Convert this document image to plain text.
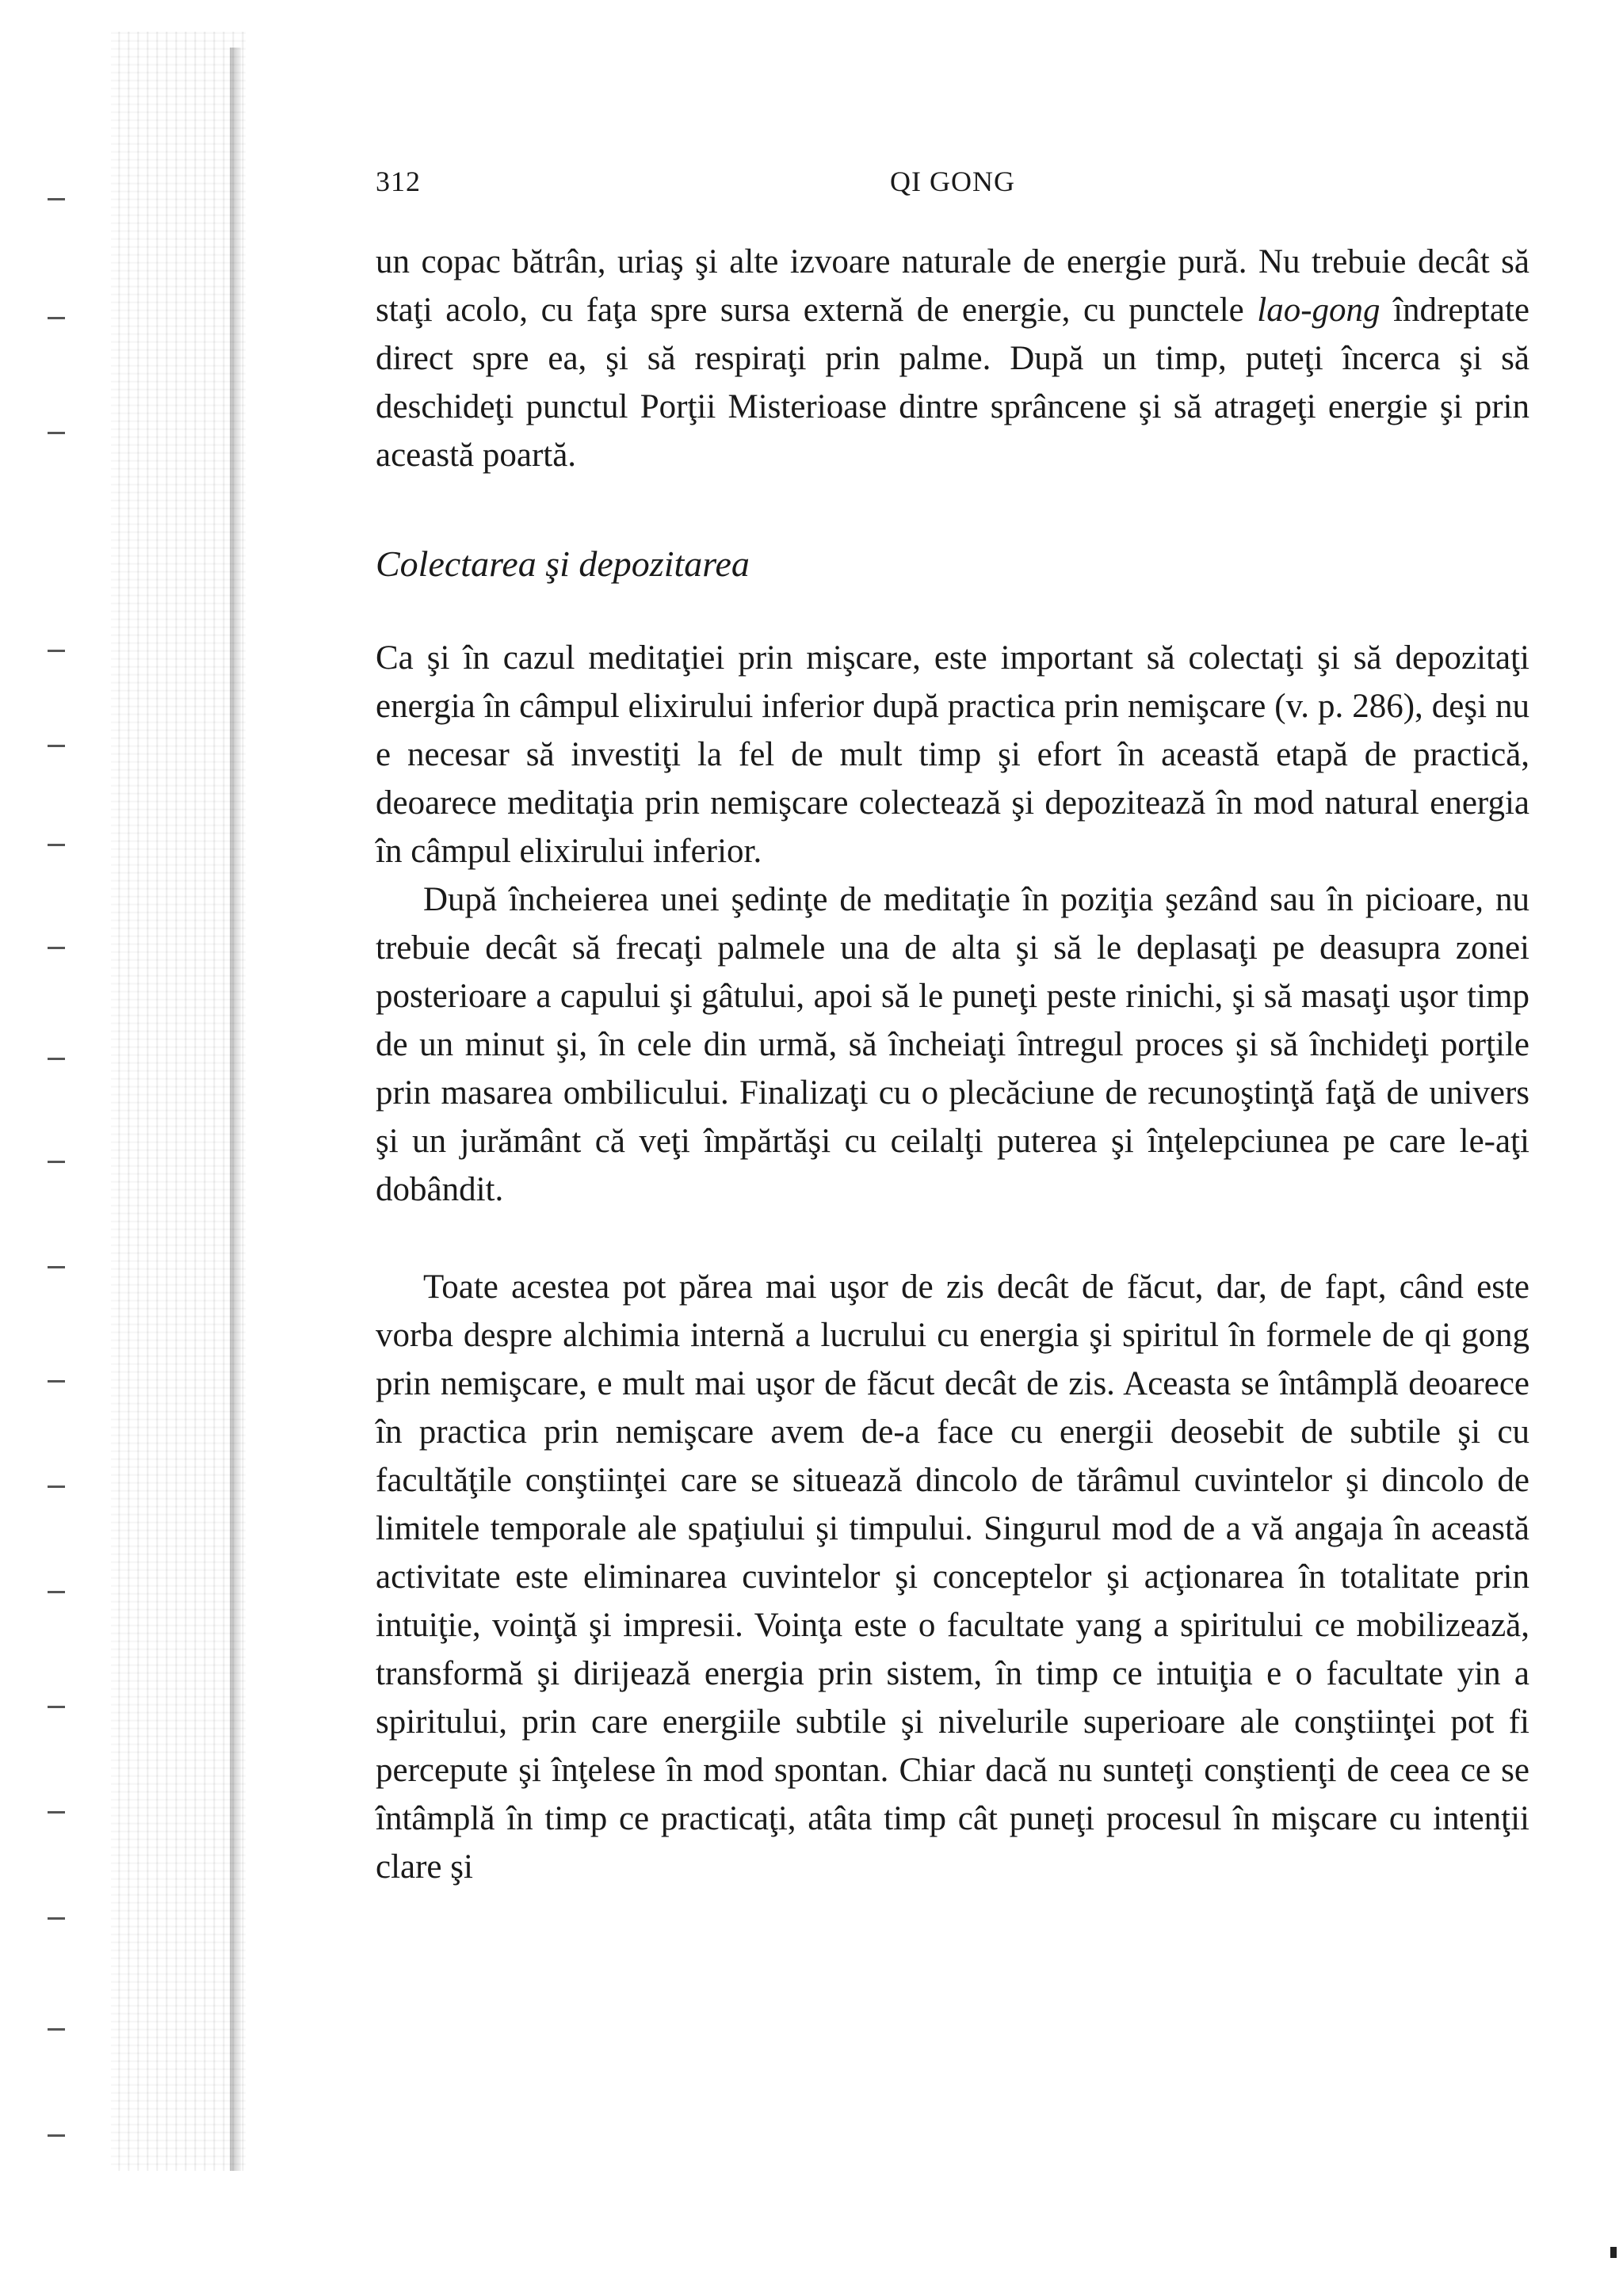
312	QI GONG

un copac bătrân, uriaş şi alte izvoare naturale de energie pură. Nu trebuie decât să staţi acolo, cu faţa spre sursa externă de energie, cu punctele lao-gong îndreptate direct spre ea, şi să respiraţi prin palme. După un timp, puteţi încerca şi să deschideţi punctul Porţii Misterioase dintre sprâncene şi să atrageţi energie şi prin această poartă.

Colectarea şi depozitarea

Ca şi în cazul meditaţiei prin mişcare, este important să colectaţi şi să depozitaţi energia în câmpul elixirului inferior după practica prin nemişcare (v. p. 286), deşi nu e necesar să investiţi la fel de mult timp şi efort în această etapă de practică, deoarece meditaţia prin nemişcare colectează şi depozitează în mod natural energia în câmpul elixirului inferior.

După încheierea unei şedinţe de meditaţie în poziţia şezând sau în picioare, nu trebuie decât să frecaţi palmele una de alta şi să le deplasaţi pe deasupra zonei posterioare a capului şi gâtului, apoi să le puneţi peste rinichi, şi să masaţi uşor timp de un minut şi, în cele din urmă, să încheiaţi întregul proces şi să închideţi porţile prin masarea ombilicului. Finalizaţi cu o plecăciune de recunoştinţă faţă de univers şi un jurământ că veţi împărtăşi cu ceilalţi puterea şi înţelepciunea pe care le-aţi dobândit.

Toate acestea pot părea mai uşor de zis decât de făcut, dar, de fapt, când este vorba despre alchimia internă a lucrului cu energia şi spiritul în formele de qi gong prin nemişcare, e mult mai uşor de făcut decât de zis. Aceasta se întâmplă deoarece în practica prin nemişcare avem de-a face cu energii deosebit de subtile şi cu facultăţile conştiinţei care se situează dincolo de tărâmul cuvintelor şi dincolo de limitele temporale ale spaţiului şi timpului. Singurul mod de a vă angaja în această activitate este eliminarea cuvintelor şi conceptelor şi acţionarea în totalitate prin intuiţie, voinţă şi impresii. Voinţa este o facultate yang a spiritului ce mobilizează, transformă şi dirijează energia prin sistem, în timp ce intuiţia e o facultate yin a spiritului, prin care energiile subtile şi nivelurile superioare ale conştiinţei pot fi percepute şi înţelese în mod spontan. Chiar dacă nu sunteţi conştienţi de ceea ce se întâmplă în timp ce practicaţi, atâta timp cât puneţi procesul în mişcare cu intenţii clare şi
